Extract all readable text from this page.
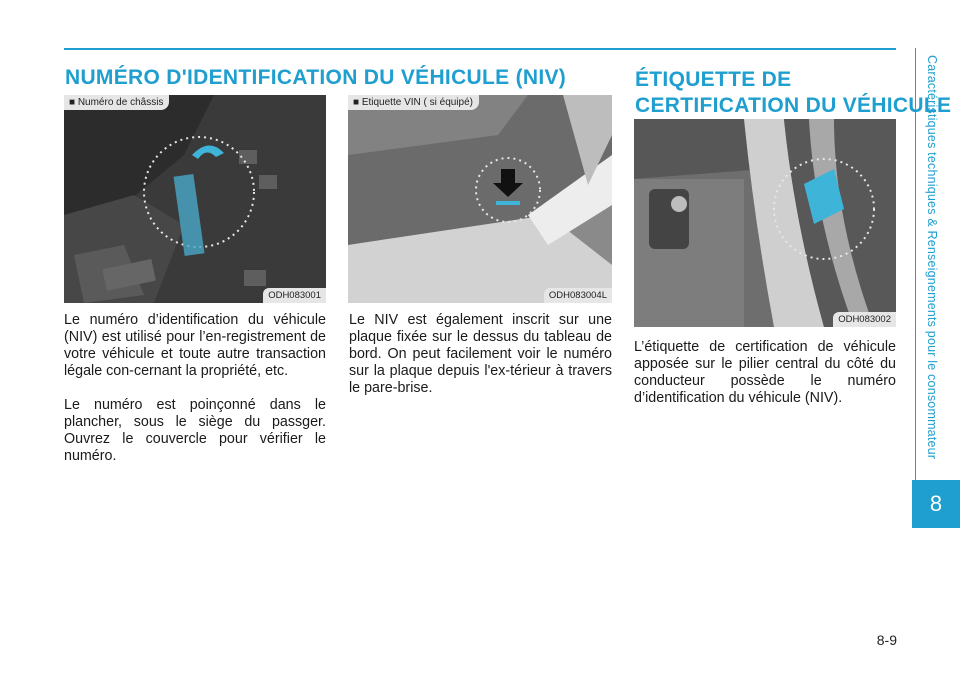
Caractéristiques techniques & Renseignements pour le consommateur
8
NUMÉRO D'IDENTIFICATION DU VÉHICULE (NIV)	ÉTIQUETTE DE
CERTIFICATION DU VÉHICULE
■ Numéro de châssis
ODH083001
■ Etiquette VIN ( si équipé)
ODH083004L
ODH083002

Le numéro d’identification du véhicule (NIV) est utilisé pour l’en-registrement de votre véhicule et toute autre transaction légale con-cernant la propriété, etc.

Le numéro est poinçonné dans le plancher, sous le siège du passger. Ouvrez le couvercle pour vérifier le numéro.

Le NIV est également inscrit sur une plaque fixée sur le dessus du tableau de bord. On peut facilement voir le numéro sur la plaque depuis l'ex-térieur à travers le pare-brise.

L’étiquette de certification de véhicule apposée sur le pilier central du côté du conducteur possède le numéro d’identification du véhicule (NIV).

8-9
